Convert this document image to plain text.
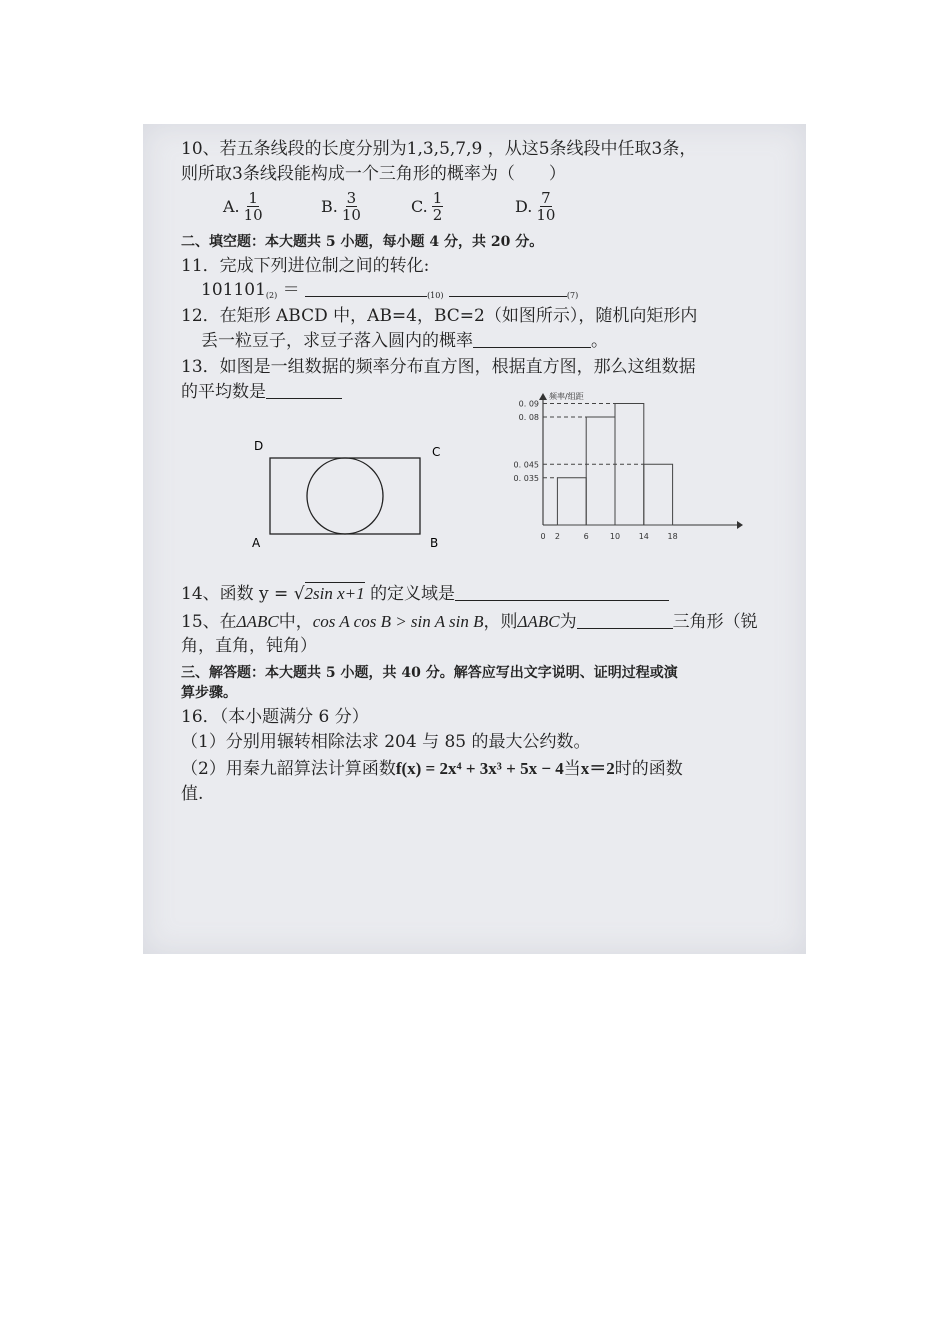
10、若五条线段的长度分别为1,3,5,7,9 ，从这5条线段中任取3条，
则所取3条线段能构成一个三角形的概率为（　　）
A. $\frac{1}{10}$	B. $\frac{3}{10}$	C. $\frac{1}{2}$	D. $\frac{7}{10}$
二、填空题：本大题共 5 小题，每小题 4 分，共 20 分。
11．完成下列进位制之间的转化:
$101101_{(2)}$ ＝	$_{(10)}$	$_{(7)}$
12．在矩形 ABCD 中，AB=4，BC=2（如图所示），随机向矩形内
丢一粒豆子，求豆子落入圆内的概率	。
13．如图是一组数据的频率分布直方图，根据直方图，那么这组数据
的平均数是
D	C
A	B
频率/组距
0. 09
0. 08
0. 045
0. 035
0 2	6	10 14 18
14、函数 y = √2sin x+1 的定义域是
15、在ΔABC中，cos A cos B > sin A sin B，则ΔABC为	三角形（锐
角，直角，钝角）
三、解答题：本大题共 5 小题，共 40 分。解答应写出文字说明、证明过程或演
算步骤。
16．（本小题满分 6 分）
（1）分别用辗转相除法求 204 与 85 的最大公约数。
（2）用秦九韶算法计算函数f(x) = 2x⁴ + 3x³ + 5x − 4当x＝2时的函数
值.
